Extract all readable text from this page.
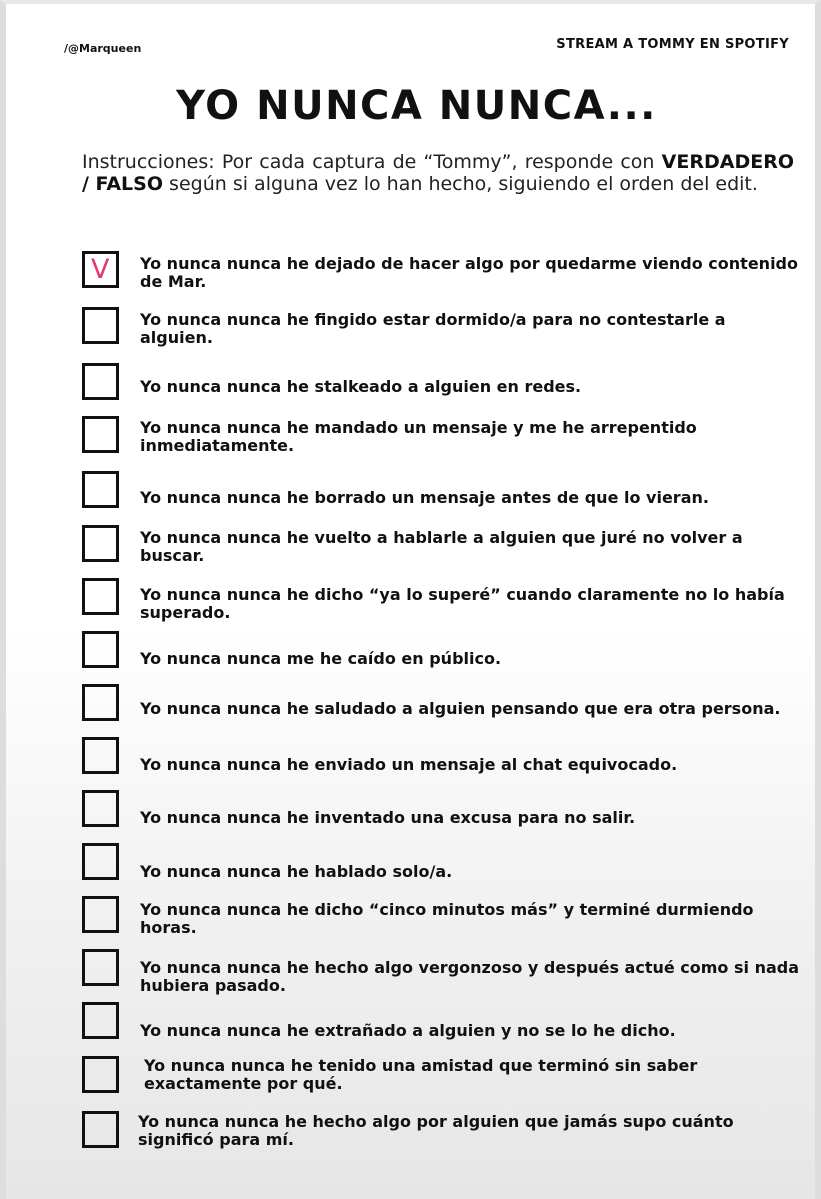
/@Marqueen	STREAM A TOMMY EN SPOTIFY
YO NUNCA NUNCA...
Instrucciones: Por cada captura de “Tommy”, responde con VERDADERO / FALSO según si alguna vez lo han hecho, siguiendo el orden del edit.
V Yo nunca nunca he dejado de hacer algo por quedarme viendo contenido de Mar.
Yo nunca nunca he fingido estar dormido/a para no contestarle a alguien.
Yo nunca nunca he stalkeado a alguien en redes.
Yo nunca nunca he mandado un mensaje y me he arrepentido inmediatamente.
Yo nunca nunca he borrado un mensaje antes de que lo vieran.
Yo nunca nunca he vuelto a hablarle a alguien que juré no volver a buscar.
Yo nunca nunca he dicho “ya lo superé” cuando claramente no lo había superado.
Yo nunca nunca me he caído en público.
Yo nunca nunca he saludado a alguien pensando que era otra persona.
Yo nunca nunca he enviado un mensaje al chat equivocado.
Yo nunca nunca he inventado una excusa para no salir.
Yo nunca nunca he hablado solo/a.
Yo nunca nunca he dicho “cinco minutos más” y terminé durmiendo horas.
Yo nunca nunca he hecho algo vergonzoso y después actué como si nada hubiera pasado.
Yo nunca nunca he extrañado a alguien y no se lo he dicho.
Yo nunca nunca he tenido una amistad que terminó sin saber exactamente por qué.
Yo nunca nunca he hecho algo por alguien que jamás supo cuánto significó para mí.
